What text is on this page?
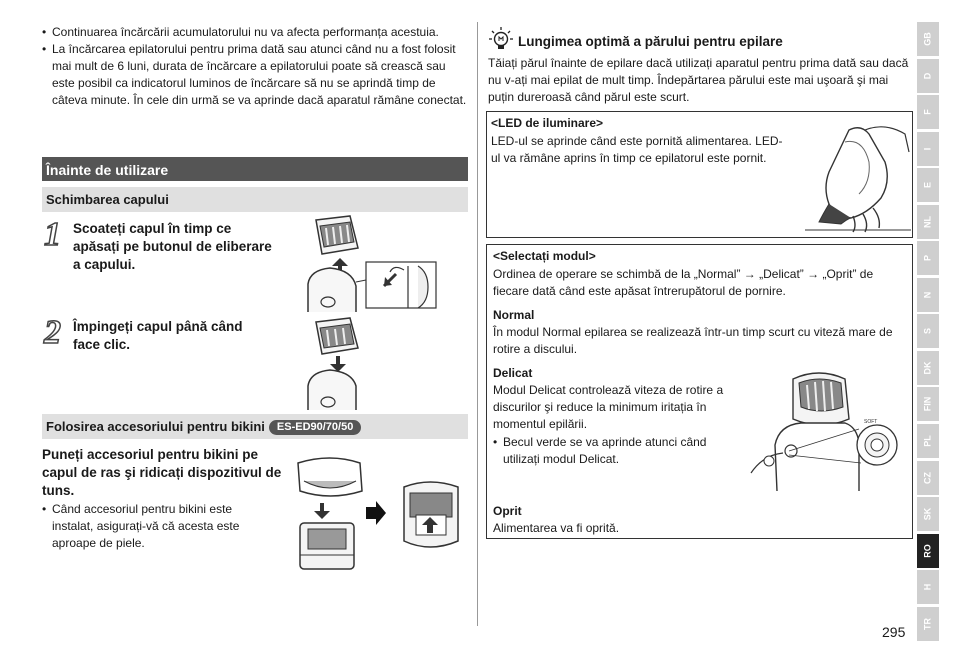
• Continuarea încărcării acumulatorului nu va afecta performanța acestuia.
• La încărcarea epilatorului pentru prima dată sau atunci când nu a fost folosit mai mult de 6 luni, durata de încărcare a epilatorului poate să crească sau este posibil ca indicatorul luminos de încărcare să nu se aprindă timp de câteva minute. În cele din urmă se va aprinde dacă aparatul rămâne conectat.
Înainte de utilizare
Schimbarea capului
1 Scoateți capul în timp ce apăsați pe butonul de eliberare a capului.
2 Împingeți capul până când face clic.
Folosirea accesoriului pentru bikini ES-ED90/70/50
Puneți accesoriul pentru bikini pe capul de ras şi ridicați dispozitivul de tuns.
• Când accesoriul pentru bikini este instalat, asigurați-vă că acesta este aproape de piele.
Lungimea optimă a părului pentru epilare
Tăiați părul înainte de epilare dacă utilizați aparatul pentru prima dată sau dacă nu v-ați mai epilat de mult timp. Îndepărtarea părului este mai uşoară şi mai puțin dureroasă când părul este scurt.
<LED de iluminare>
LED-ul se aprinde când este pornită alimentarea. LED-ul va rămâne aprins în timp ce epilatorul este pornit.
<Selectați modul>
Ordinea de operare se schimbă de la „Normal” → „Delicat” → „Oprit” de fiecare dată când este apăsat întrerupătorul de pornire.
Normal
În modul Normal epilarea se realizează într-un timp scurt cu viteză mare de rotire a discului.
Delicat
Modul Delicat controlează viteza de rotire a discurilor şi reduce la minimum iritația în momentul epilării.
• Becul verde se va aprinde atunci când utilizați modul Delicat.
SOFT
Oprit
Alimentarea va fi oprită.
295
GB
D
F
I
E
NL
P
N
S
DK
FIN
PL
CZ
SK
RO
H
TR
